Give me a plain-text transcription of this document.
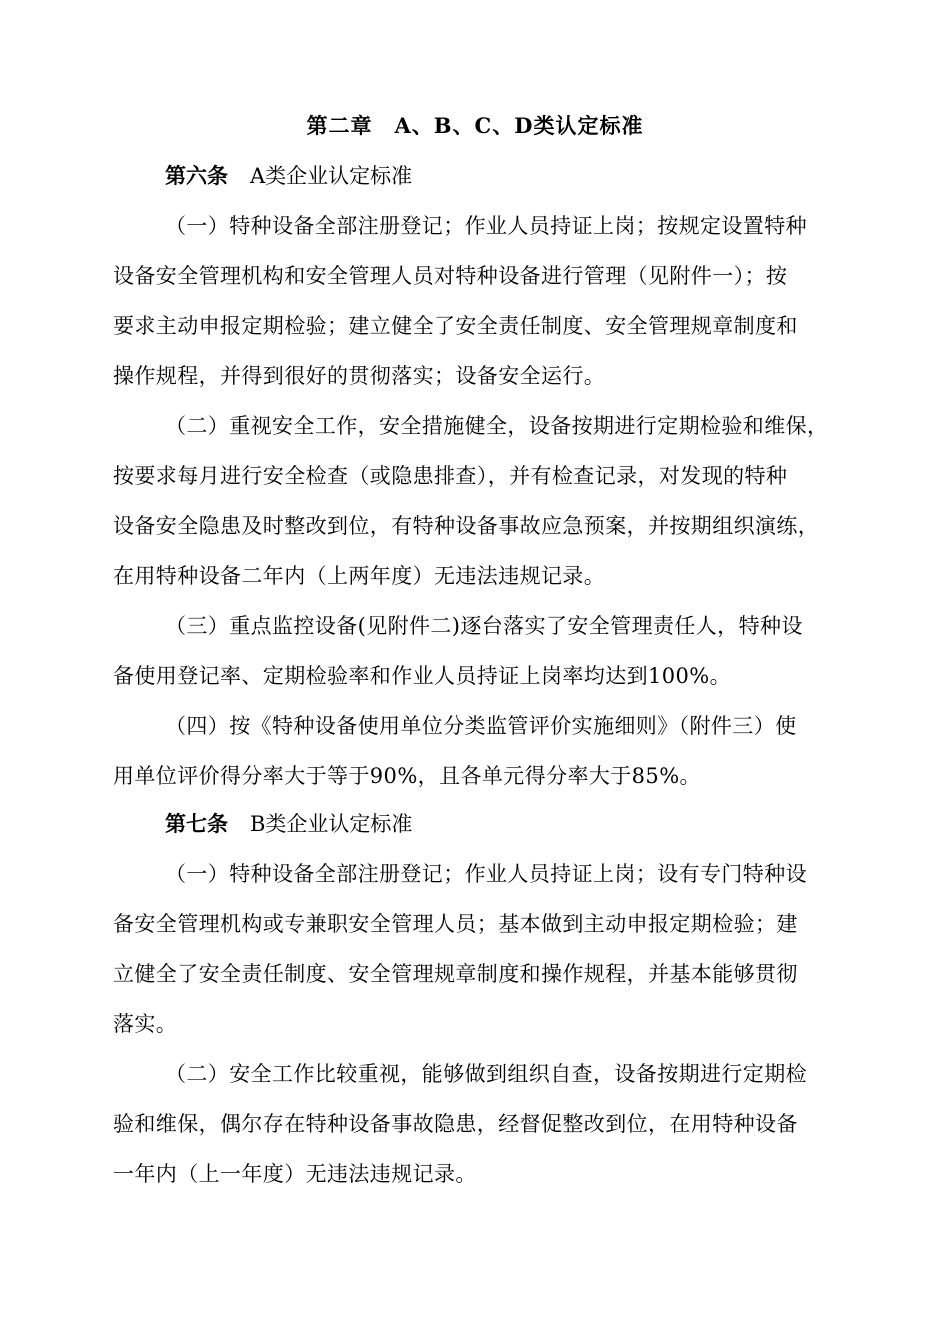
第二章　A、B、C、D类认定标准
第六条 A类企业认定标准
（一）特种设备全部注册登记；作业人员持证上岗；按规定设置特种
设备安全管理机构和安全管理人员对特种设备进行管理（见附件一）；按
要求主动申报定期检验；建立健全了安全责任制度、安全管理规章制度和
操作规程，并得到很好的贯彻落实；设备安全运行。
（二）重视安全工作，安全措施健全，设备按期进行定期检验和维保，
按要求每月进行安全检查（或隐患排查），并有检查记录，对发现的特种
设备安全隐患及时整改到位，有特种设备事故应急预案，并按期组织演练，
在用特种设备二年内（上两年度）无违法违规记录。
（三）重点监控设备(见附件二)逐台落实了安全管理责任人，特种设
备使用登记率、定期检验率和作业人员持证上岗率均达到100%。
（四）按《特种设备使用单位分类监管评价实施细则》（附件三）使
用单位评价得分率大于等于90%，且各单元得分率大于85%。
第七条 B类企业认定标准
（一）特种设备全部注册登记；作业人员持证上岗；设有专门特种设
备安全管理机构或专兼职安全管理人员；基本做到主动申报定期检验；建
立健全了安全责任制度、安全管理规章制度和操作规程，并基本能够贯彻
落实。
（二）安全工作比较重视，能够做到组织自查，设备按期进行定期检
验和维保，偶尔存在特种设备事故隐患，经督促整改到位，在用特种设备
一年内（上一年度）无违法违规记录。
